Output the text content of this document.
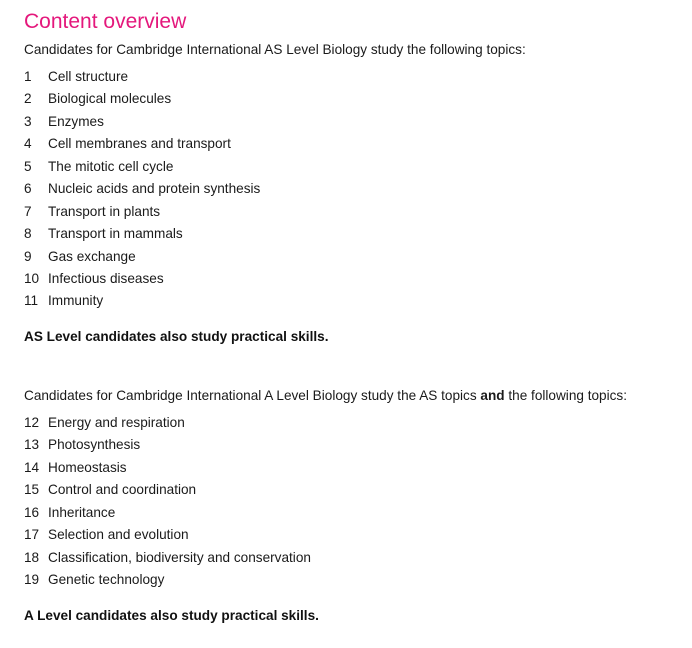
Content overview
Candidates for Cambridge International AS Level Biology study the following topics:
1 Cell structure
2 Biological molecules
3 Enzymes
4 Cell membranes and transport
5 The mitotic cell cycle
6 Nucleic acids and protein synthesis
7 Transport in plants
8 Transport in mammals
9 Gas exchange
10 Infectious diseases
11 Immunity
AS Level candidates also study practical skills.
Candidates for Cambridge International A Level Biology study the AS topics and the following topics:
12 Energy and respiration
13 Photosynthesis
14 Homeostasis
15 Control and coordination
16 Inheritance
17 Selection and evolution
18 Classification, biodiversity and conservation
19 Genetic technology
A Level candidates also study practical skills.
